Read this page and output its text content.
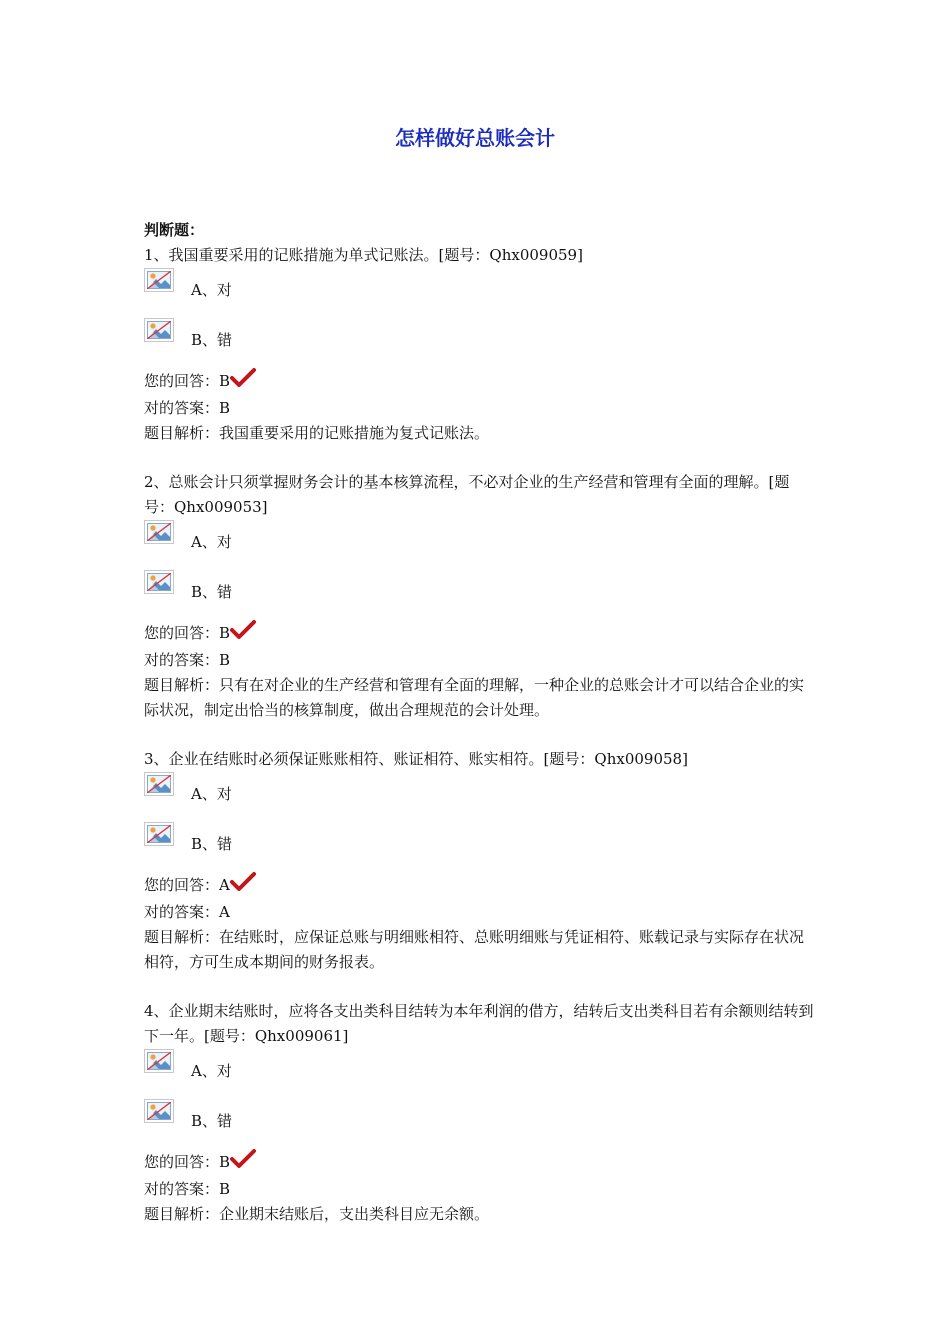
怎样做好总账会计
判断题：

1、我国重要采用的记账措施为单式记账法。[题号：Qhx009059]

A、对
B、错
您的回答：B
对的答案：B

题目解析：我国重要采用的记账措施为复式记账法。

2、总账会计只须掌握财务会计的基本核算流程，不必对企业的生产经营和管理有全面的理解。[题号：Qhx009053]

A、对
B、错
您的回答：B
对的答案：B

题目解析：只有在对企业的生产经营和管理有全面的理解，一种企业的总账会计才可以结合企业的实际状况，制定出恰当的核算制度，做出合理规范的会计处理。

3、企业在结账时必须保证账账相符、账证相符、账实相符。[题号：Qhx009058]

A、对
B、错
您的回答：A
对的答案：A

题目解析：在结账时，应保证总账与明细账相符、总账明细账与凭证相符、账载记录与实际存在状况相符，方可生成本期间的财务报表。

4、企业期末结账时，应将各支出类科目结转为本年利润的借方，结转后支出类科目若有余额则结转到下一年。[题号：Qhx009061]

A、对
B、错
您的回答：B
对的答案：B

题目解析：企业期末结账后，支出类科目应无余额。
